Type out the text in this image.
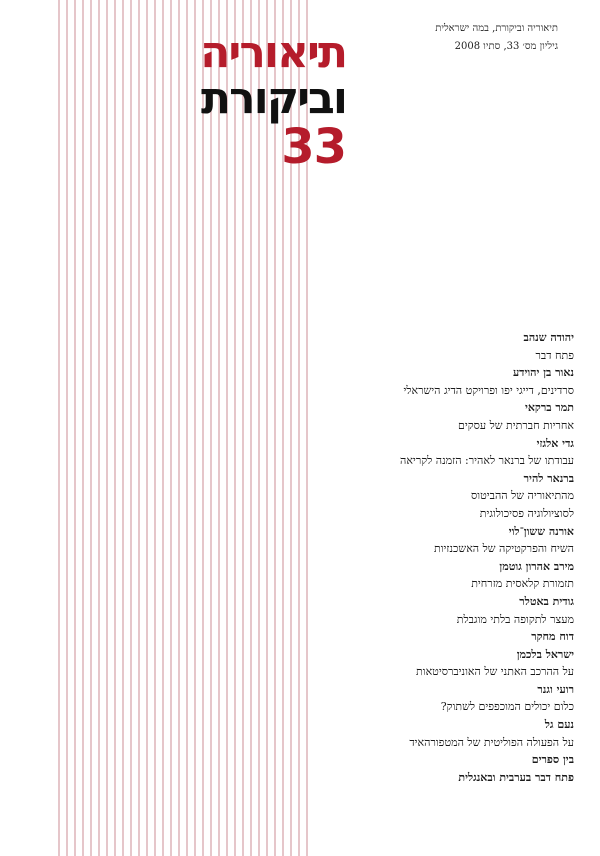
תיאוריה
וביקורת
33
תיאוריה וביקורת, במה ישראלית
גיליון מס׳ 33, סתיו 2008
יהודה שנהב
פתח דבר
נאור בן יהוידע
סרדינים, דייגי יפו ופרויקט הדיג הישראלי
תמר ברקאי
אחריות חברתית של עסקים
גדי אלגזי
עבודתו של ברנאר לאהיר: הזמנה לקריאה
ברנאר להיר
מהתיאוריה של ההביטוס
לסוציולוגיה פסיכולוגית
אורנה ששון־לוי
השיח והפרקטיקה של האשכנזיות
מירב אהרון גוטמן
תזמורת קלאסית מזרחית
גודית באטלר
מעצר לתקופה בלתי מוגבלת
דוח מחקר
ישראל בלכמן
על ההרכב האתני של האוניברסיטאות
רועי וגנר
כלום יכולים המוכפפים לשתוק?
נעם גל
על הפעולה הפוליטית של המטפורהאיד
בין ספרים
פתח דבר בערבית ובאנגלית
